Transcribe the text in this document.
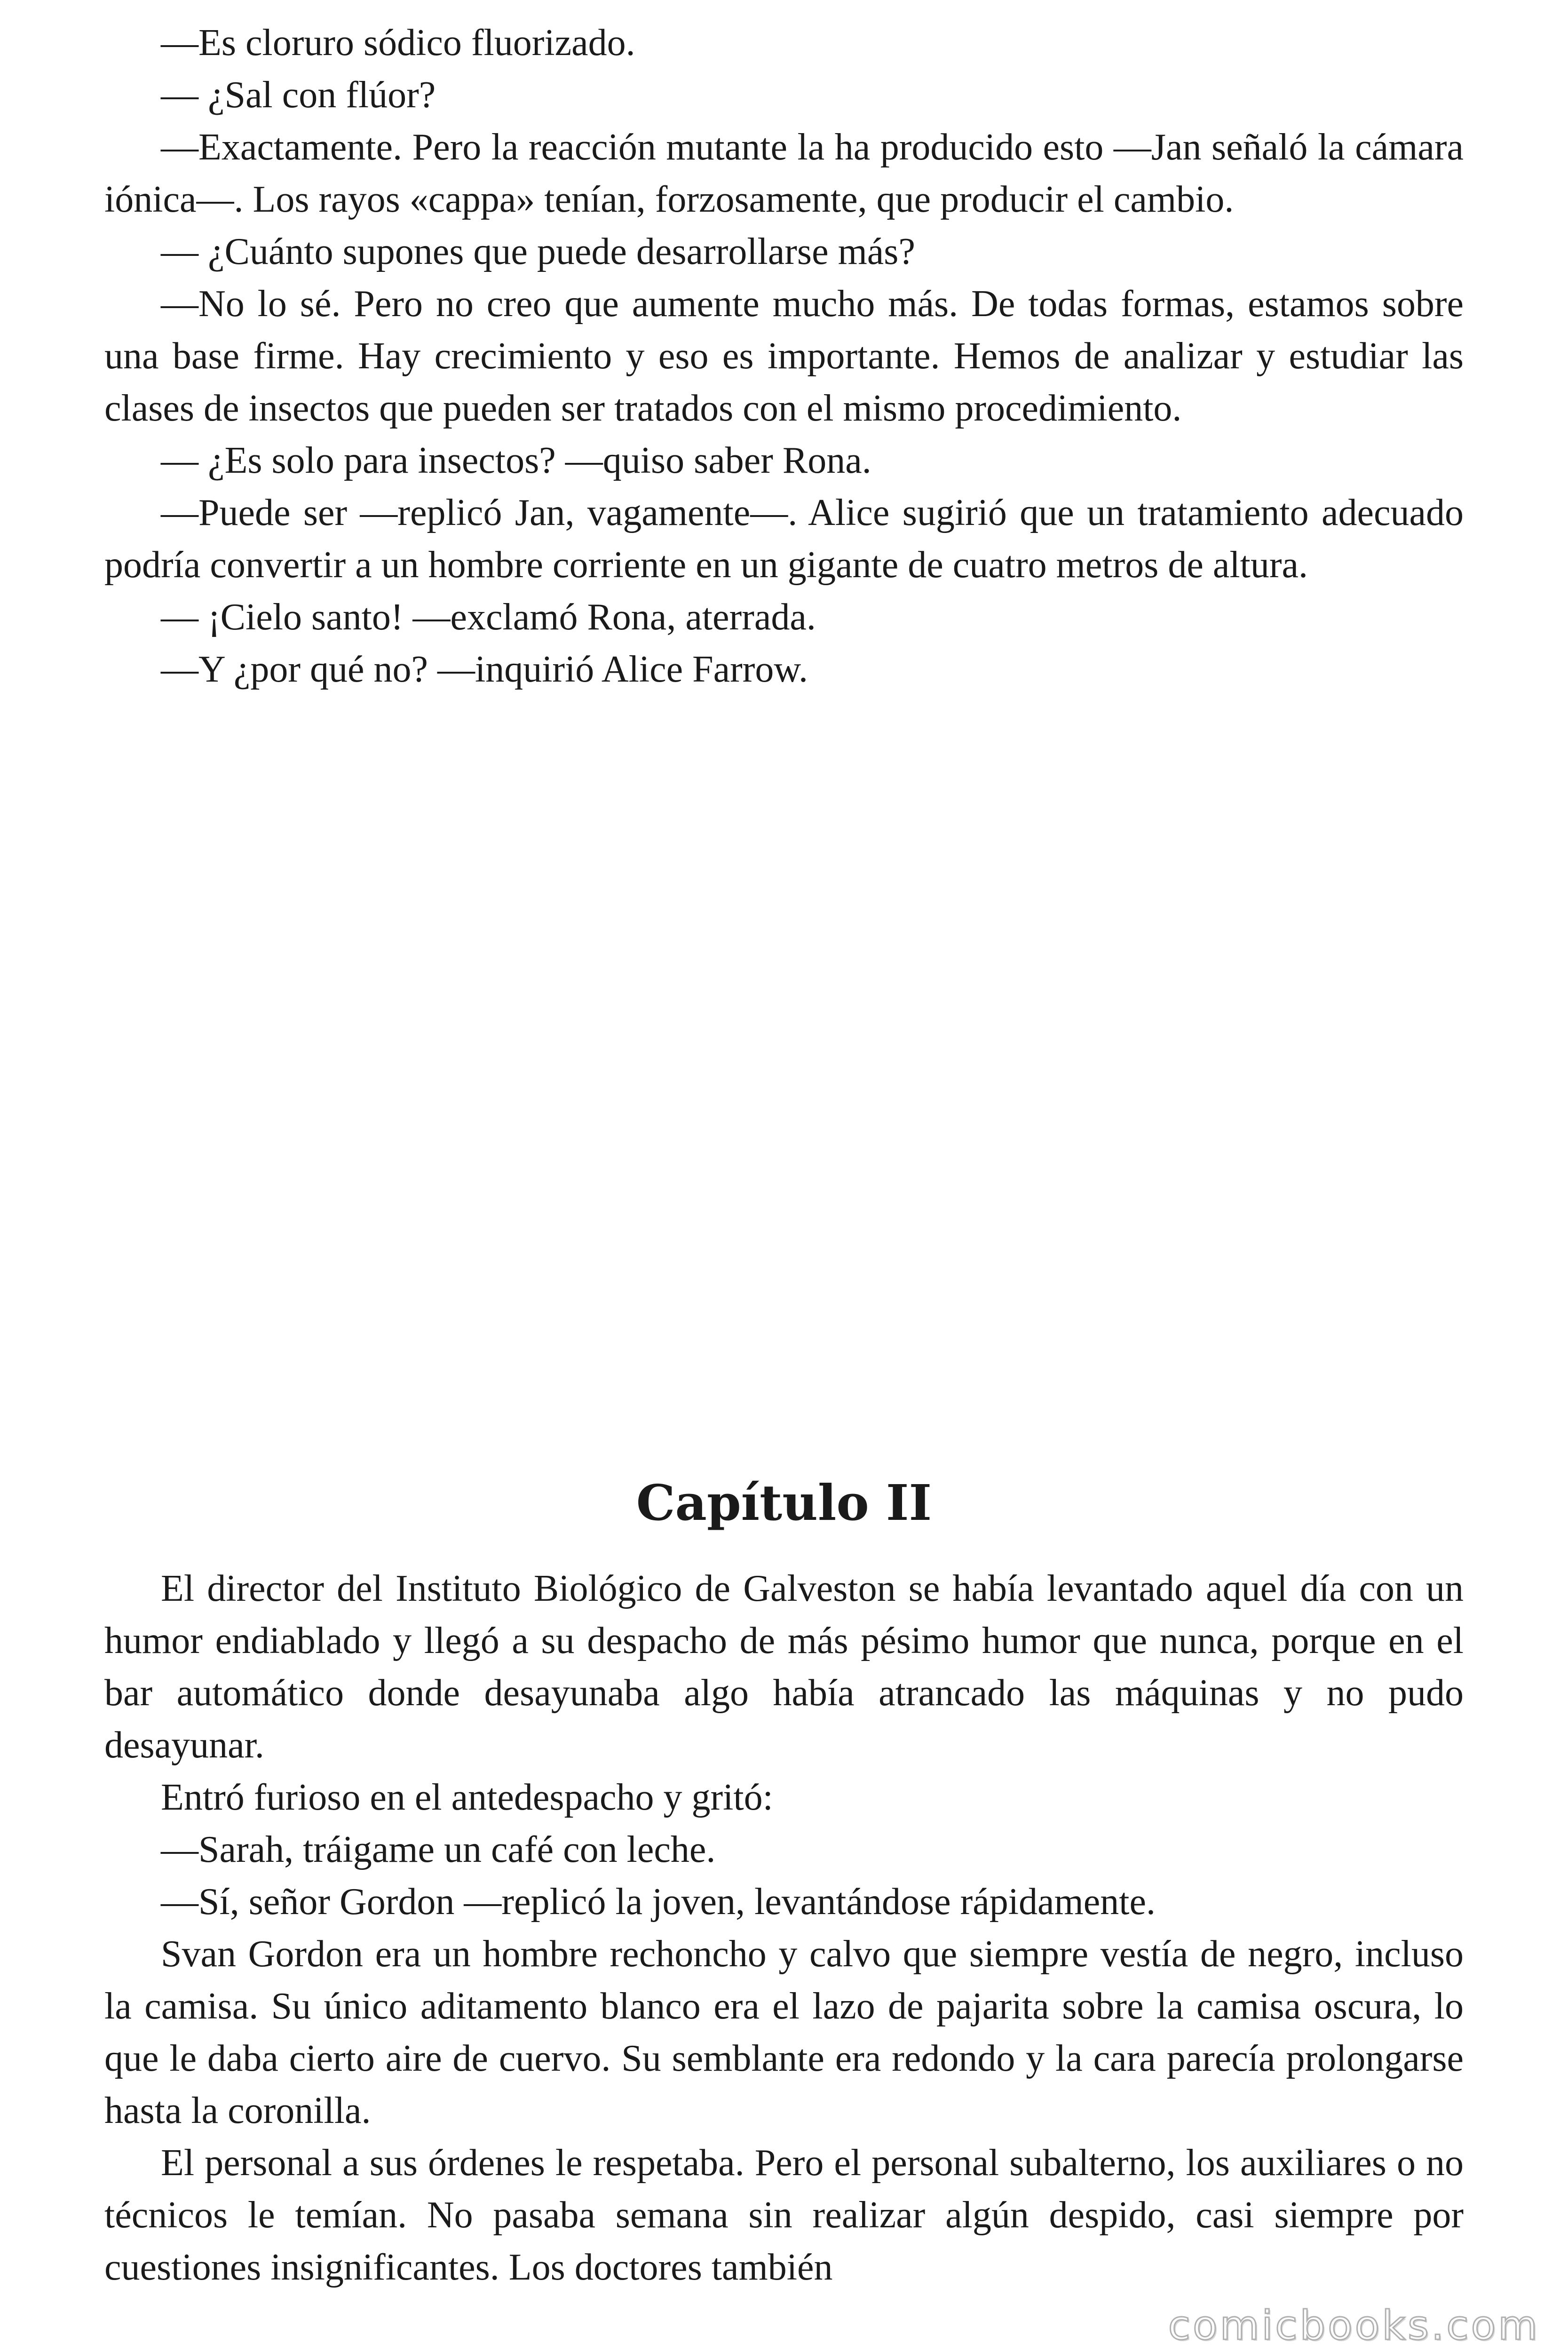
—Es cloruro sódico fluorizado.

— ¿Sal con flúor?

—Exactamente. Pero la reacción mutante la ha producido esto —Jan señaló la cámara iónica—. Los rayos «cappa» tenían, forzosamente, que producir el cambio.

— ¿Cuánto supones que puede desarrollarse más?

—No lo sé. Pero no creo que aumente mucho más. De todas formas, estamos sobre una base firme. Hay crecimiento y eso es importante. Hemos de analizar y estudiar las clases de insectos que pueden ser tratados con el mismo procedimiento.

— ¿Es solo para insectos? —quiso saber Rona.

—Puede ser —replicó Jan, vagamente—. Alice sugirió que un tratamiento adecuado podría convertir a un hombre corriente en un gigante de cuatro metros de altura.

— ¡Cielo santo! —exclamó Rona, aterrada.

—Y ¿por qué no? —inquirió Alice Farrow.

Capítulo II

El director del Instituto Biológico de Galveston se había levantado aquel día con un humor endiablado y llegó a su despacho de más pésimo humor que nunca, porque en el bar automático donde desayunaba algo había atrancado las máquinas y no pudo desayunar.

Entró furioso en el antedespacho y gritó:

—Sarah, tráigame un café con leche.

—Sí, señor Gordon —replicó la joven, levantándose rápidamente.

Svan Gordon era un hombre rechoncho y calvo que siempre vestía de negro, incluso la camisa. Su único aditamento blanco era el lazo de pajarita sobre la camisa oscura, lo que le daba cierto aire de cuervo. Su semblante era redondo y la cara parecía prolongarse hasta la coronilla.

El personal a sus órdenes le respetaba. Pero el personal subalterno, los auxiliares o no técnicos le temían. No pasaba semana sin realizar algún despido, casi siempre por cuestiones insignificantes. Los doctores también

comicbooks.com
